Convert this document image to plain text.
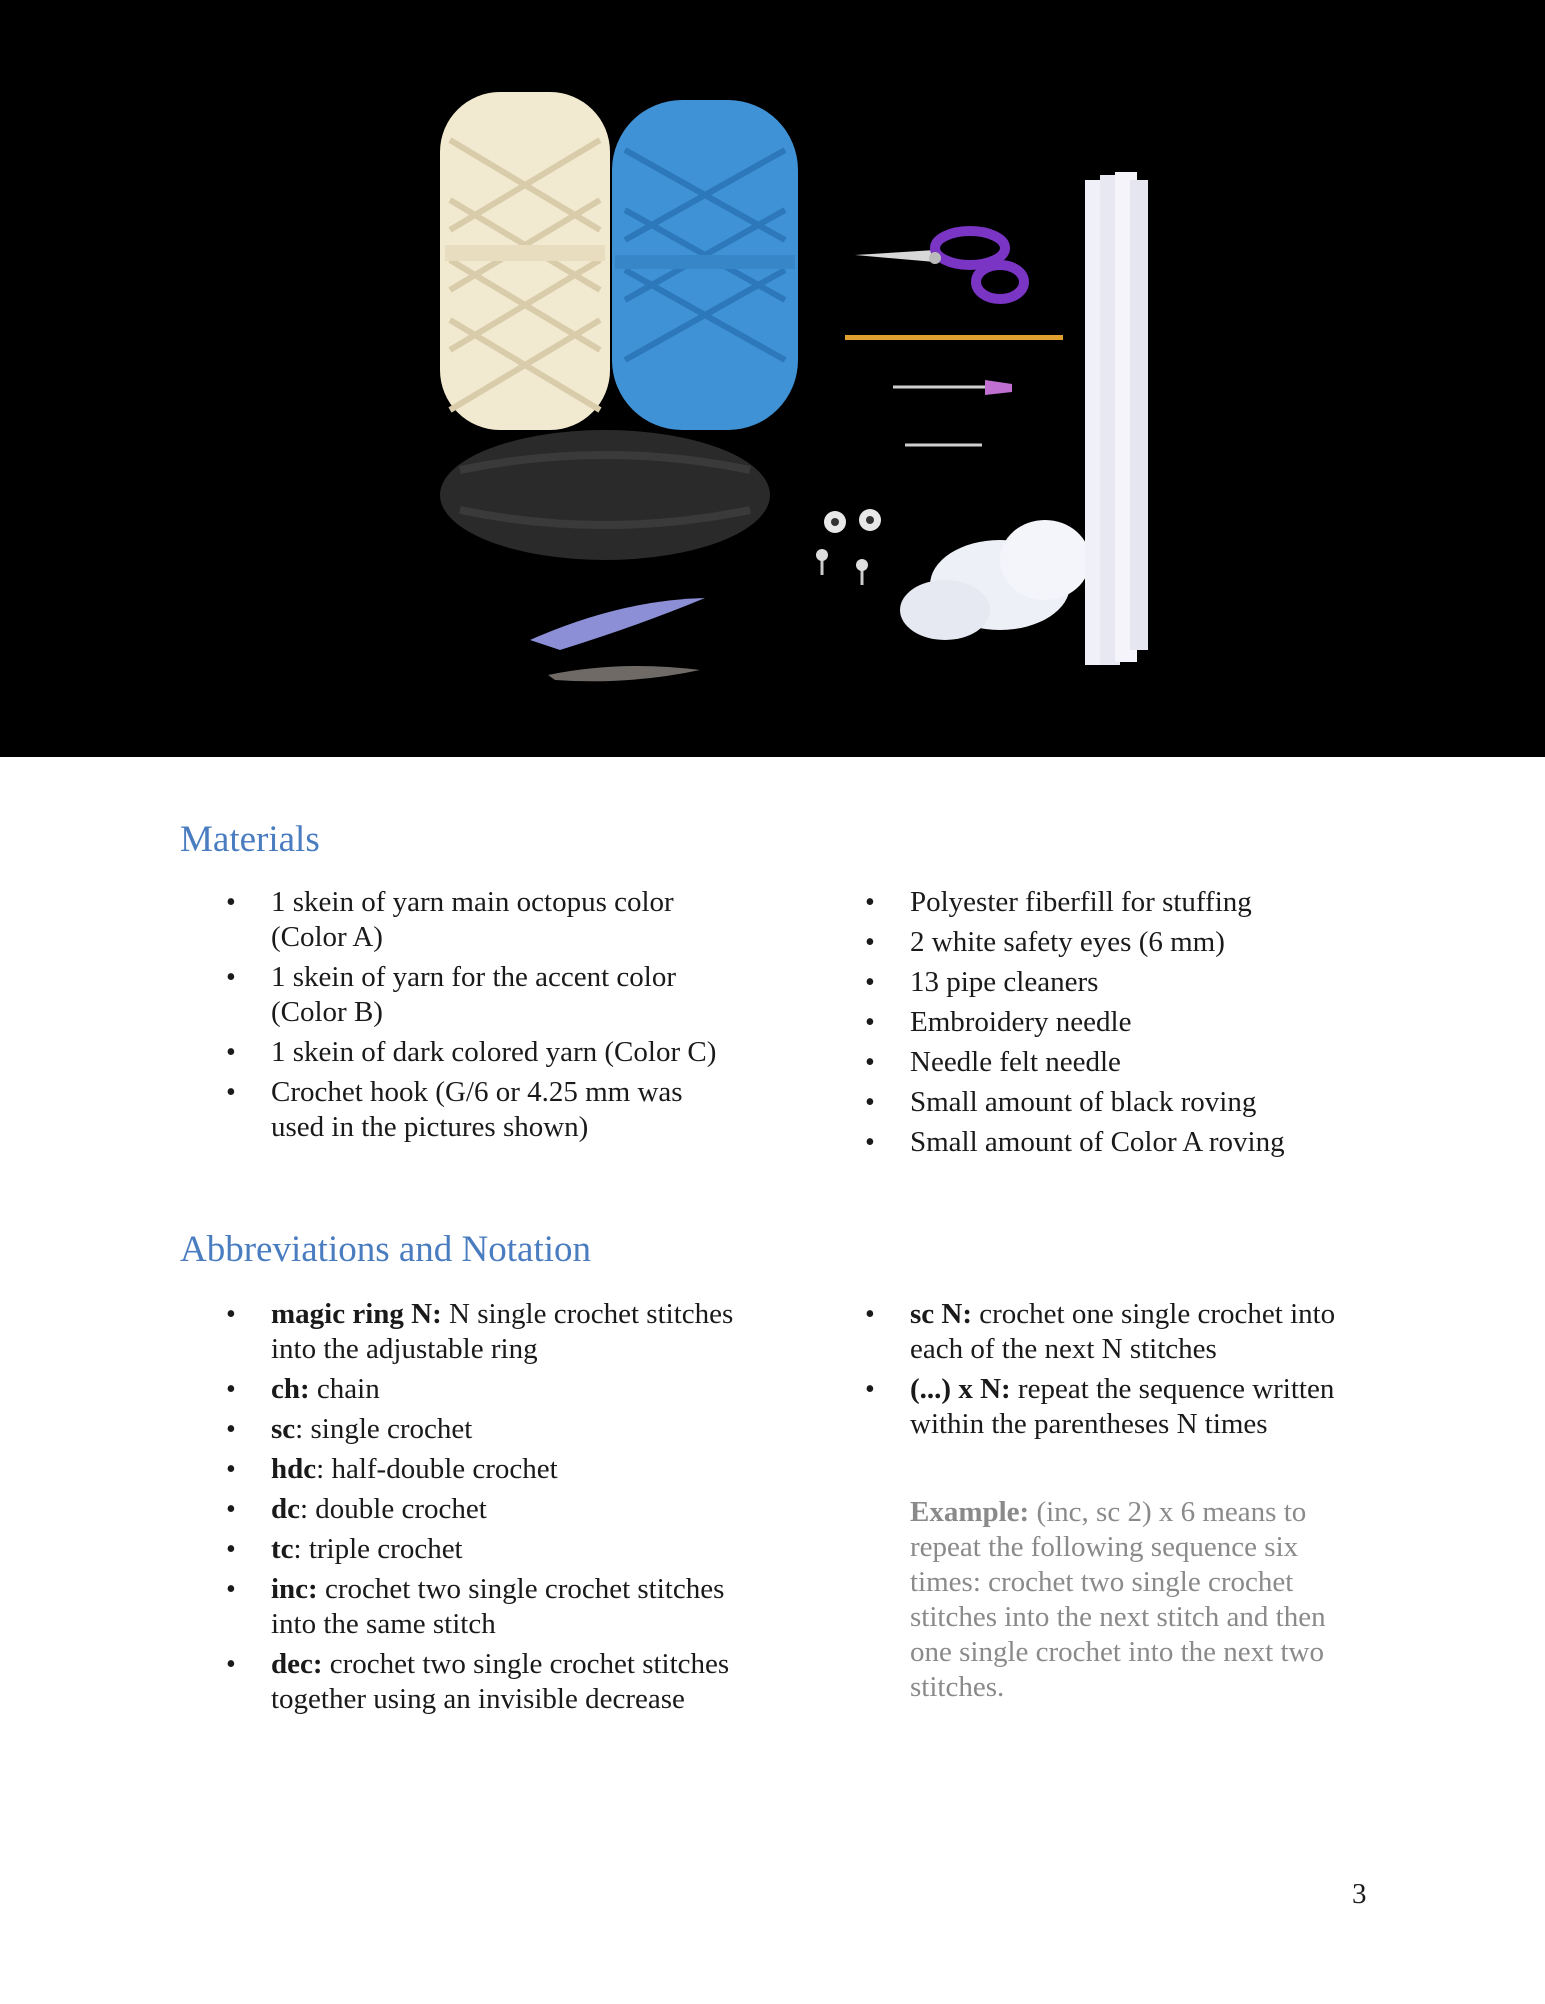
Materials
• 1 skein of yarn main octopus color (Color A)
• 1 skein of yarn for the accent color (Color B)
• 1 skein of dark colored yarn (Color C)
• Crochet hook (G/6 or 4.25 mm was used in the pictures shown)
• Polyester fiberfill for stuffing
• 2 white safety eyes (6 mm)
• 13 pipe cleaners
• Embroidery needle
• Needle felt needle
• Small amount of black roving
• Small amount of Color A roving
Abbreviations and Notation
• magic ring N: N single crochet stitches into the adjustable ring
• ch: chain
• sc: single crochet
• hdc: half-double crochet
• dc: double crochet
• tc: triple crochet
• inc: crochet two single crochet stitches into the same stitch
• dec: crochet two single crochet stitches together using an invisible decrease
• sc N: crochet one single crochet into each of the next N stitches
• (...) x N: repeat the sequence written within the parentheses N times

Example: (inc, sc 2) x 6 means to repeat the following sequence six times: crochet two single crochet stitches into the next stitch and then one single crochet into the next two stitches.

3
